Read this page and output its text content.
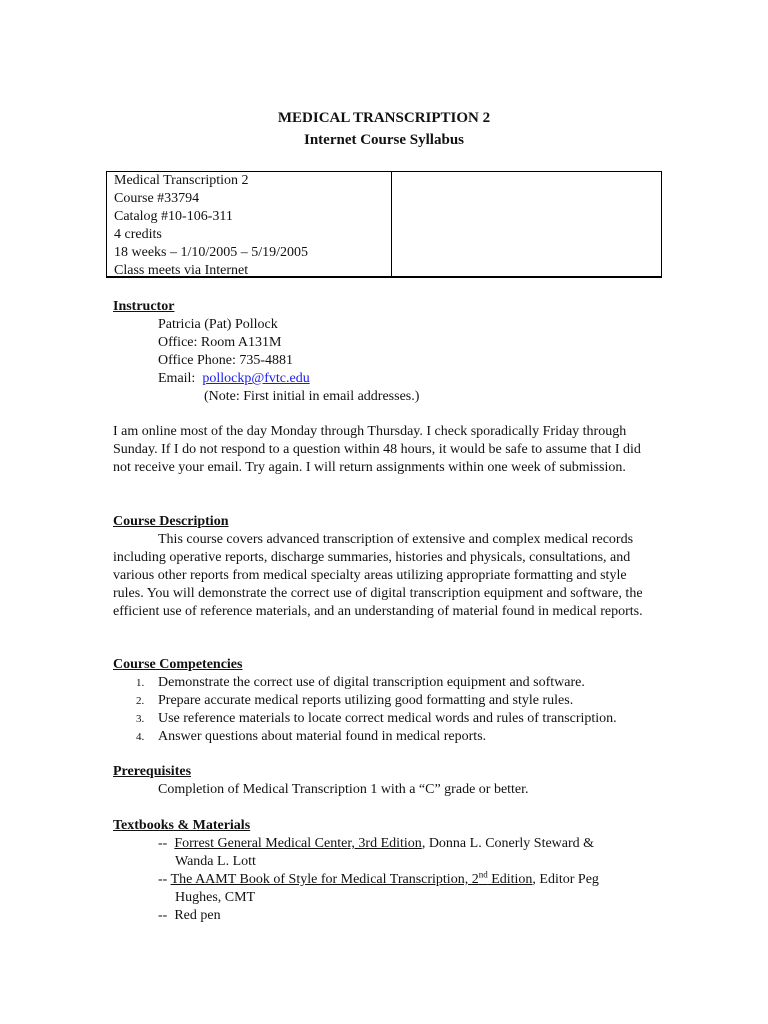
MEDICAL TRANSCRIPTION 2
Internet Course Syllabus
Medical Transcription 2
Course #33794
Catalog #10-106-311
4 credits
18 weeks – 1/10/2005 – 5/19/2005
Class meets via Internet
Instructor
Patricia (Pat) Pollock
Office: Room A131M
Office Phone: 735-4881
Email: pollockp@fvtc.edu
(Note: First initial in email addresses.)
I am online most of the day Monday through Thursday. I check sporadically Friday through Sunday. If I do not respond to a question within 48 hours, it would be safe to assume that I did not receive your email. Try again. I will return assignments within one week of submission.
Course Description
This course covers advanced transcription of extensive and complex medical records including operative reports, discharge summaries, histories and physicals, consultations, and various other reports from medical specialty areas utilizing appropriate formatting and style rules. You will demonstrate the correct use of digital transcription equipment and software, the efficient use of reference materials, and an understanding of material found in medical reports.
Course Competencies
1. Demonstrate the correct use of digital transcription equipment and software.
2. Prepare accurate medical reports utilizing good formatting and style rules.
3. Use reference materials to locate correct medical words and rules of transcription.
4. Answer questions about material found in medical reports.
Prerequisites
Completion of Medical Transcription 1 with a “C” grade or better.
Textbooks & Materials
--  Forrest General Medical Center, 3rd Edition, Donna L. Conerly Steward &
Wanda L. Lott
-- The AAMT Book of Style for Medical Transcription, 2nd Edition, Editor Peg
Hughes, CMT
--  Red pen
